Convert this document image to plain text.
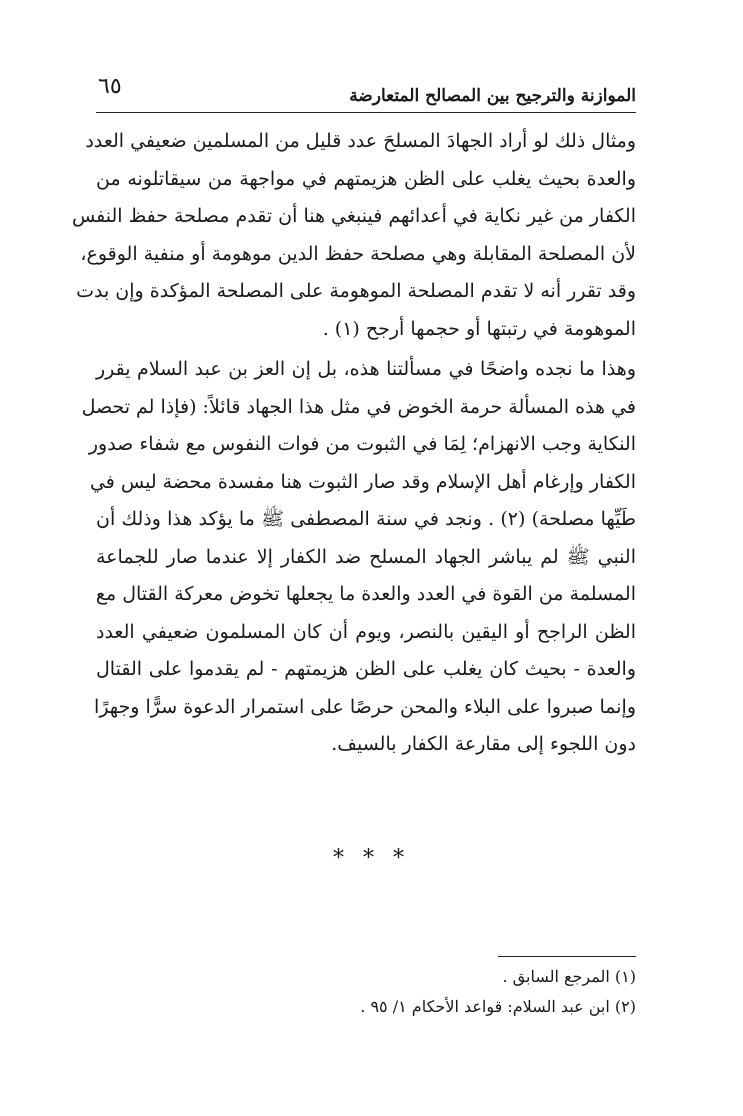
الموازنة والترجيح بين المصالح المتعارضة
٦٥
ومثال ذلك لو أراد الجهادَ المسلحَ عدد قليل من المسلمين ضعيفي العدد
والعدة بحيث يغلب على الظن هزيمتهم في مواجهة من سيقاتلونه من
الكفار من غير نكاية في أعدائهم فينبغي هنا أن تقدم مصلحة حفظ النفس
لأن المصلحة المقابلة وهي مصلحة حفظ الدين موهومة أو منفية الوقوع،
وقد تقرر أنه لا تقدم المصلحة الموهومة على المصلحة المؤكدة وإن بدت
الموهومة في رتبتها أو حجمها أرجح (١) .
وهذا ما نجده واضحًا في مسألتنا هذه، بل إن العز بن عبد السلام يقرر
في هذه المسألة حرمة الخوض في مثل هذا الجهاد قائلاً: (فإذا لم تحصل
النكاية وجب الانهزام؛ لِمَا في الثبوت من فوات النفوس مع شفاء صدور
الكفار وإرغام أهل الإسلام وقد صار الثبوت هنا مفسدة محضة ليس في
طَيِّها مصلحة) (٢) . ونجد في سنة المصطفى ﷺ ما يؤكد هذا وذلك أن
النبي ﷺ لم يباشر الجهاد المسلح ضد الكفار إلا عندما صار للجماعة
المسلمة من القوة في العدد والعدة ما يجعلها تخوض معركة القتال مع
الظن الراجح أو اليقين بالنصر، ويوم أن كان المسلمون ضعيفي العدد
والعدة - بحيث كان يغلب على الظن هزيمتهم - لم يقدموا على القتال
وإنما صبروا على البلاء والمحن حرصًا على استمرار الدعوة سرًّا وجهرًا
دون اللجوء إلى مقارعة الكفار بالسيف.
* * *
(١) المرجع السابق .
(٢) ابن عبد السلام: قواعد الأحكام ١/ ٩٥ .
